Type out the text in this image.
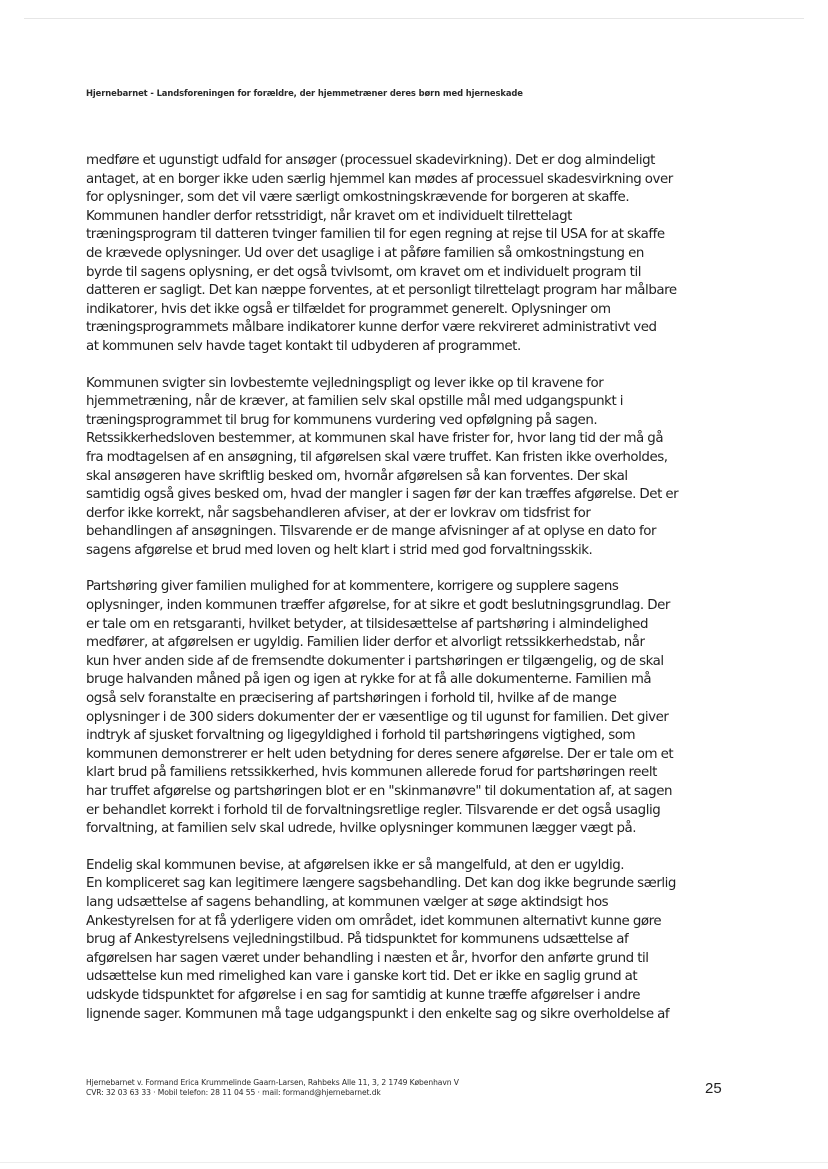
Hjernebarnet - Landsforeningen for forældre, der hjemmetræner deres børn med hjerneskade

medføre et ugunstigt udfald for ansøger (processuel skadevirkning). Det er dog almindeligt
antaget, at en borger ikke uden særlig hjemmel kan mødes af processuel skadesvirkning over
for oplysninger, som det vil være særligt omkostningskrævende for borgeren at skaffe.
Kommunen handler derfor retsstridigt, når kravet om et individuelt tilrettelagt
træningsprogram til datteren tvinger familien til for egen regning at rejse til USA for at skaffe
de krævede oplysninger. Ud over det usaglige i at påføre familien så omkostningstung en
byrde til sagens oplysning, er det også tvivlsomt, om kravet om et individuelt program til
datteren er sagligt. Det kan næppe forventes, at et personligt tilrettelagt program har målbare
indikatorer, hvis det ikke også er tilfældet for programmet generelt. Oplysninger om
træningsprogrammets målbare indikatorer kunne derfor være rekvireret administrativt ved
at kommunen selv havde taget kontakt til udbyderen af programmet.

Kommunen svigter sin lovbestemte vejledningspligt og lever ikke op til kravene for
hjemmetræning, når de kræver, at familien selv skal opstille mål med udgangspunkt i
træningsprogrammet til brug for kommunens vurdering ved opfølgning på sagen.
Retssikkerhedsloven bestemmer, at kommunen skal have frister for, hvor lang tid der må gå
fra modtagelsen af en ansøgning, til afgørelsen skal være truffet. Kan fristen ikke overholdes,
skal ansøgeren have skriftlig besked om, hvornår afgørelsen så kan forventes. Der skal
samtidig også gives besked om, hvad der mangler i sagen før der kan træffes afgørelse. Det er
derfor ikke korrekt, når sagsbehandleren afviser, at der er lovkrav om tidsfrist for
behandlingen af ansøgningen. Tilsvarende er de mange afvisninger af at oplyse en dato for
sagens afgørelse et brud med loven og helt klart i strid med god forvaltningsskik.

Partshøring giver familien mulighed for at kommentere, korrigere og supplere sagens
oplysninger, inden kommunen træffer afgørelse, for at sikre et godt beslutningsgrundlag. Der
er tale om en retsgaranti, hvilket betyder, at tilsidesættelse af partshøring i almindelighed
medfører, at afgørelsen er ugyldig. Familien lider derfor et alvorligt retssikkerhedstab, når
kun hver anden side af de fremsendte dokumenter i partshøringen er tilgængelig, og de skal
bruge halvanden måned på igen og igen at rykke for at få alle dokumenterne. Familien må
også selv foranstalte en præcisering af partshøringen i forhold til, hvilke af de mange
oplysninger i de 300 siders dokumenter der er væsentlige og til ugunst for familien. Det giver
indtryk af sjusket forvaltning og ligegyldighed i forhold til partshøringens vigtighed, som
kommunen demonstrerer er helt uden betydning for deres senere afgørelse. Der er tale om et
klart brud på familiens retssikkerhed, hvis kommunen allerede forud for partshøringen reelt
har truffet afgørelse og partshøringen blot er en "skinmanøvre" til dokumentation af, at sagen
er behandlet korrekt i forhold til de forvaltningsretlige regler. Tilsvarende er det også usaglig
forvaltning, at familien selv skal udrede, hvilke oplysninger kommunen lægger vægt på.

Endelig skal kommunen bevise, at afgørelsen ikke er så mangelfuld, at den er ugyldig.
En kompliceret sag kan legitimere længere sagsbehandling. Det kan dog ikke begrunde særlig
lang udsættelse af sagens behandling, at kommunen vælger at søge aktindsigt hos
Ankestyrelsen for at få yderligere viden om området, idet kommunen alternativt kunne gøre
brug af Ankestyrelsens vejledningstilbud. På tidspunktet for kommunens udsættelse af
afgørelsen har sagen været under behandling i næsten et år, hvorfor den anførte grund til
udsættelse kun med rimelighed kan vare i ganske kort tid. Det er ikke en saglig grund at
udskyde tidspunktet for afgørelse i en sag for samtidig at kunne træffe afgørelser i andre
lignende sager. Kommunen må tage udgangspunkt i den enkelte sag og sikre overholdelse af

Hjernebarnet v. Formand Erica Krummelinde Gaarn-Larsen, Rahbeks Alle 11, 3, 2 1749 København V
CVR: 32 03 63 33 · Mobil telefon: 28 11 04 55 · mail: formand@hjernebarnet.dk	25
